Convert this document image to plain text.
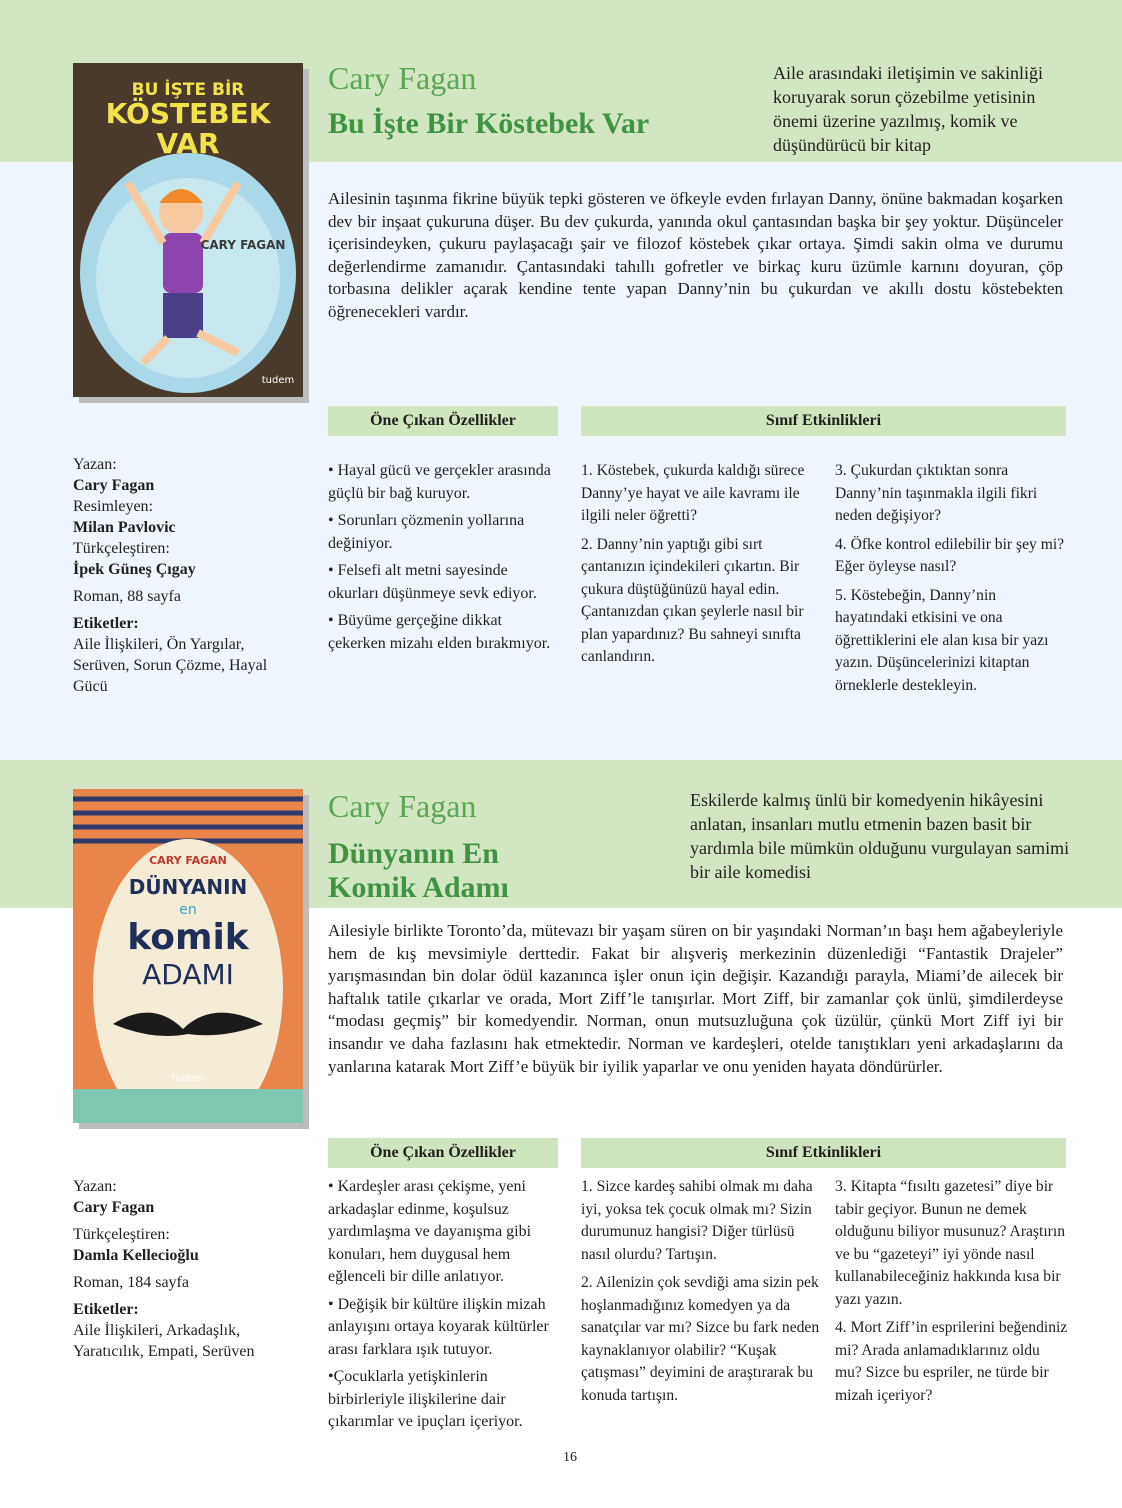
BU İŞTE BİR
KÖSTEBEK
VAR
CARY FAGAN
tudem
Cary Fagan
Bu İşte Bir Köstebek Var
Aile arasındaki iletişimin ve sakinliği koruyarak sorun çözebilme yetisinin önemi üzerine yazılmış, komik ve düşündürücü bir kitap
Ailesinin taşınma fikrine büyük tepki gösteren ve öfkeyle evden fırlayan Danny, önüne bakmadan koşarken dev bir inşaat çukuruna düşer. Bu dev çukurda, yanında okul çantasından başka bir şey yoktur. Düşünceler içerisindeyken, çukuru paylaşacağı şair ve filozof köstebek çıkar ortaya. Şimdi sakin olma ve durumu değerlendirme zamanıdır. Çantasındaki tahıllı gofretler ve birkaç kuru üzümle karnını doyuran, çöp torbasına delikler açarak kendine tente yapan Danny’nin bu çukurdan ve akıllı dostu köstebekten öğrenecekleri vardır.
Öne Çıkan Özellikler	Sınıf Etkinlikleri
Yazan:
Cary Fagan
Resimleyen:
Milan Pavlovic
Türkçeleştiren:
İpek Güneş Çıgay
Roman, 88 sayfa
Etiketler:
Aile İlişkileri, Ön Yargılar, Serüven, Sorun Çözme, Hayal Gücü

• Hayal gücü ve gerçekler arasında güçlü bir bağ kuruyor.

• Sorunları çözmenin yollarına değiniyor.

• Felsefi alt metni sayesinde okurları düşünmeye sevk ediyor.

• Büyüme gerçeğine dikkat çekerken mizahı elden bırakmıyor.

1. Köstebek, çukurda kaldığı sürece Danny’ye hayat ve aile kavramı ile ilgili neler öğretti?

2. Danny’nin yaptığı gibi sırt çantanızın içindekileri çıkartın. Bir çukura düştüğünüzü hayal edin. Çantanızdan çıkan şeylerle nasıl bir plan yapardınız? Bu sahneyi sınıfta canlandırın.

3. Çukurdan çıktıktan sonra Danny’nin taşınmakla ilgili fikri neden değişiyor?

4. Öfke kontrol edilebilir bir şey mi? Eğer öyleyse nasıl?

5. Köstebeğin, Danny’nin hayatındaki etkisini ve ona öğrettiklerini ele alan kısa bir yazı yazın. Düşüncelerinizi kitaptan örneklerle destekleyin.

CARY FAGAN
DÜNYANIN
en
komik
ADAMI
tudem
Cary Fagan
Dünyanın En
Komik Adamı
Eskilerde kalmış ünlü bir komedyenin hikâyesini anlatan, insanları mutlu etmenin bazen basit bir yardımla bile mümkün olduğunu vurgulayan samimi bir aile komedisi
Ailesiyle birlikte Toronto’da, mütevazı bir yaşam süren on bir yaşındaki Norman’ın başı hem ağabeyleriyle hem de kış mevsimiyle derttedir. Fakat bir alışveriş merkezinin düzenlediği “Fantastik Drajeler” yarışmasından bin dolar ödül kazanınca işler onun için değişir. Kazandığı parayla, Miami’de ailecek bir haftalık tatile çıkarlar ve orada, Mort Ziff’le tanışırlar. Mort Ziff, bir zamanlar çok ünlü, şimdilerdeyse “modası geçmiş” bir komedyendir. Norman, onun mutsuzluğuna çok üzülür, çünkü Mort Ziff iyi bir insandır ve daha fazlasını hak etmektedir. Norman ve kardeşleri, otelde tanıştıkları yeni arkadaşlarını da yanlarına katarak Mort Ziff’e büyük bir iyilik yaparlar ve onu yeniden hayata döndürürler.
Öne Çıkan Özellikler	Sınıf Etkinlikleri
Yazan:
Cary Fagan
Türkçeleştiren:
Damla Kellecioğlu
Roman, 184 sayfa
Etiketler:
Aile İlişkileri, Arkadaşlık, Yaratıcılık, Empati, Serüven

• Kardeşler arası çekişme, yeni arkadaşlar edinme, koşulsuz yardımlaşma ve dayanışma gibi konuları, hem duygusal hem eğlenceli bir dille anlatıyor.

• Değişik bir kültüre ilişkin mizah anlayışını ortaya koyarak kültürler arası farklara ışık tutuyor.

•Çocuklarla yetişkinlerin birbirleriyle ilişkilerine dair çıkarımlar ve ipuçları içeriyor.

1. Sizce kardeş sahibi olmak mı daha iyi, yoksa tek çocuk olmak mı? Sizin durumunuz hangisi? Diğer türlüsü nasıl olurdu? Tartışın.

2. Ailenizin çok sevdiği ama sizin pek hoşlanmadığınız komedyen ya da sanatçılar var mı? Sizce bu fark neden kaynaklanıyor olabilir? “Kuşak çatışması” deyimini de araştırarak bu konuda tartışın.

3. Kitapta “fısıltı gazetesi” diye bir tabir geçiyor. Bunun ne demek olduğunu biliyor musunuz? Araştırın ve bu “gazeteyi” iyi yönde nasıl kullanabileceğiniz hakkında kısa bir yazı yazın.

4. Mort Ziff’in esprilerini beğendiniz mi? Arada anlamadıklarınız oldu mu? Sizce bu espriler, ne türde bir mizah içeriyor?

16
